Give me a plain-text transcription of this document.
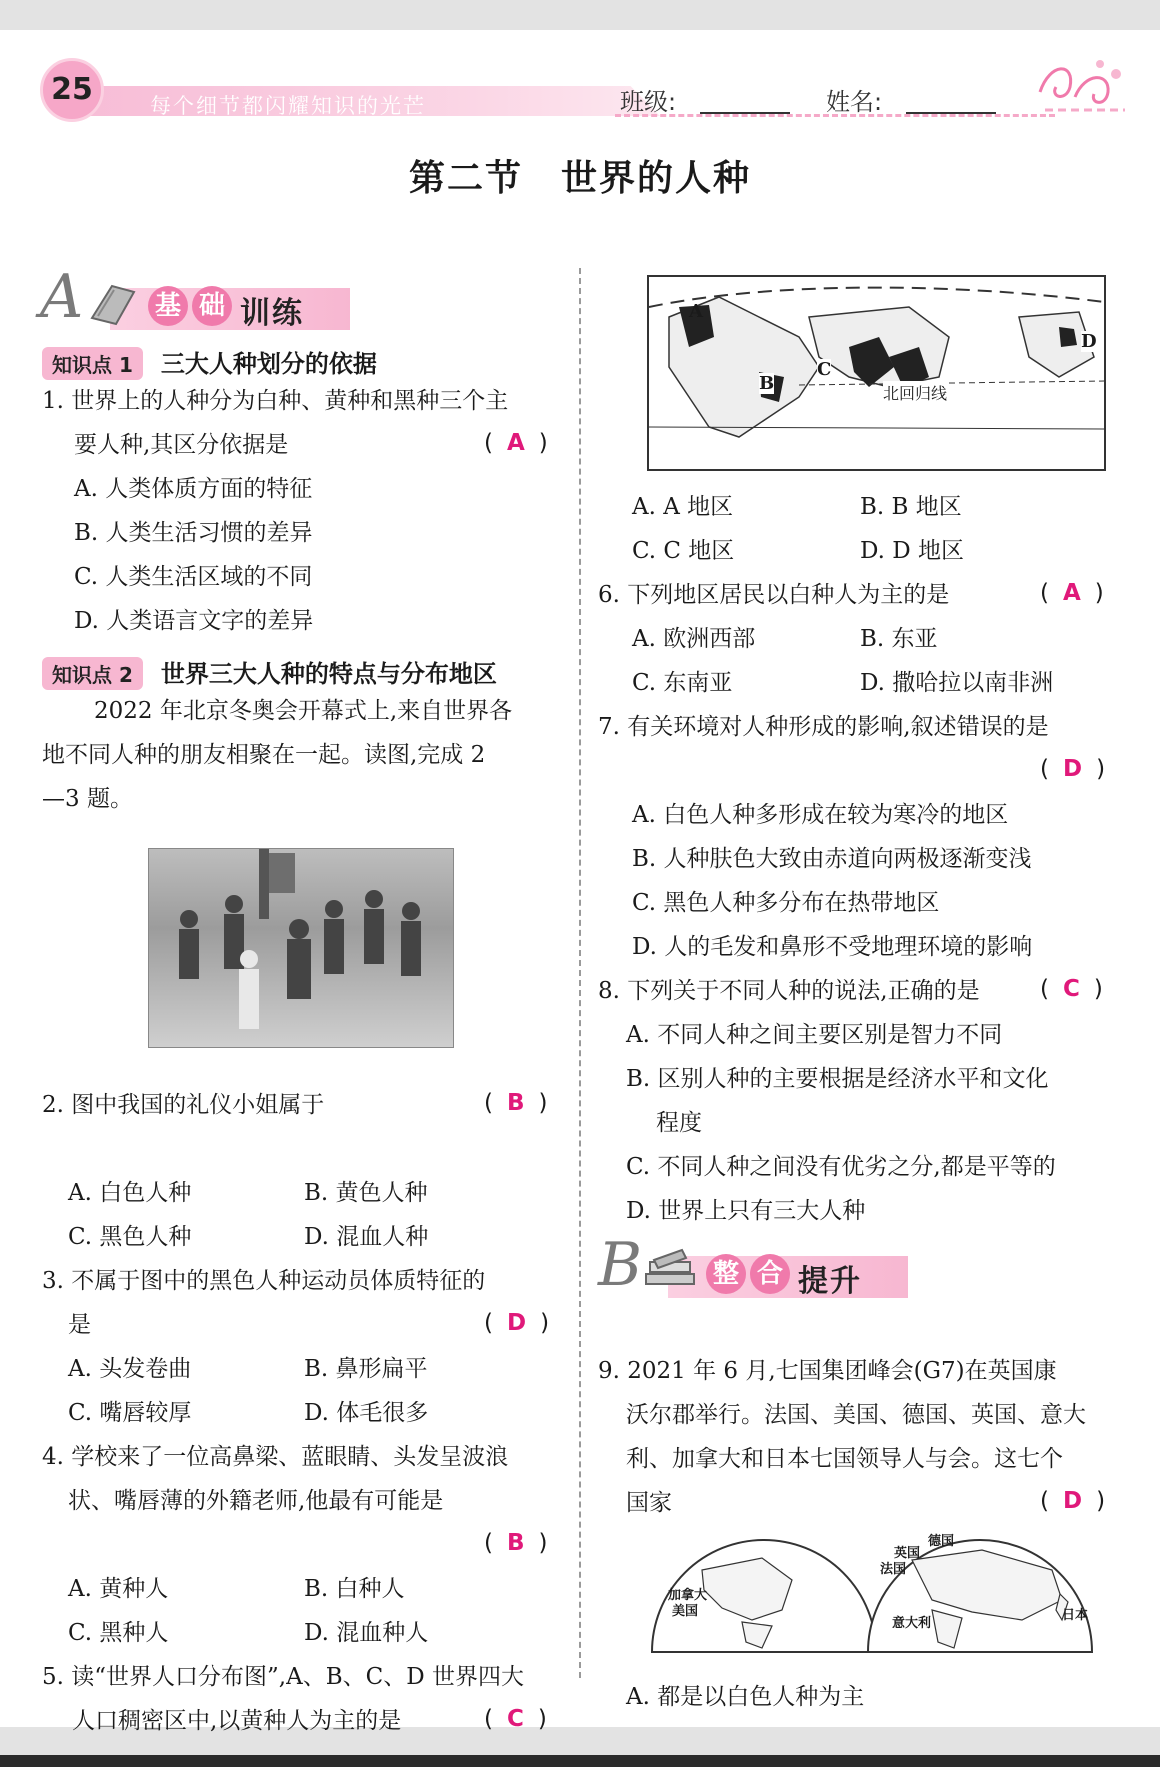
25	每个细节都闪耀知识的光芒	班级:	姓名:
第二节　世界的人种
A	基 础 训练
知识点 1 三大人种划分的依据
1. 世界上的人种分为白种、黄种和黑种三个主
要人种,其区分依据是	( A )
A. 人类体质方面的特征
B. 人类生活习惯的差异
C. 人类生活区域的不同
D. 人类语言文字的差异
知识点 2 世界三大人种的特点与分布地区
2022 年北京冬奥会开幕式上,来自世界各
地不同人种的朋友相聚在一起。读图,完成 2
—3 题。
2. 图中我国的礼仪小姐属于	( B )
A. 白色人种	B. 黄色人种
C. 黑色人种	D. 混血人种
3. 不属于图中的黑色人种运动员体质特征的
是	( D )
A. 头发卷曲	B. 鼻形扁平
C. 嘴唇较厚	D. 体毛很多
4. 学校来了一位高鼻梁、蓝眼睛、头发呈波浪
状、嘴唇薄的外籍老师,他最有可能是
( B )
A. 黄种人	B. 白种人
C. 黑种人	D. 混血种人
5. 读“世界人口分布图”,A、B、C、D 世界四大
A
B
C
D
北回归线
A. A 地区	B. B 地区
C. C 地区	D. D 地区
6. 下列地区居民以白种人为主的是	( A )
A. 欧洲西部	B. 东亚
C. 东南亚	D. 撒哈拉以南非洲
7. 有关环境对人种形成的影响,叙述错误的是
( D )
A. 白色人种多形成在较为寒冷的地区
B. 人种肤色大致由赤道向两极逐渐变浅
C. 黑色人种多分布在热带地区
D. 人的毛发和鼻形不受地理环境的影响
8. 下列关于不同人种的说法,正确的是	( C )
A. 不同人种之间主要区别是智力不同
B. 区别人种的主要根据是经济水平和文化
程度
C. 不同人种之间没有优劣之分,都是平等的
D. 世界上只有三大人种
B	整 合 提升
9. 2021 年 6 月,七国集团峰会(G7)在英国康
沃尔郡举行。法国、美国、德国、英国、意大
利、加拿大和日本七国领导人与会。这七个
国家	( D )
加拿大
美国
英国
德国
法国
意大利
日本
A. 都是以白色人种为主
人口稠密区中,以黄种人为主的是	( C )
